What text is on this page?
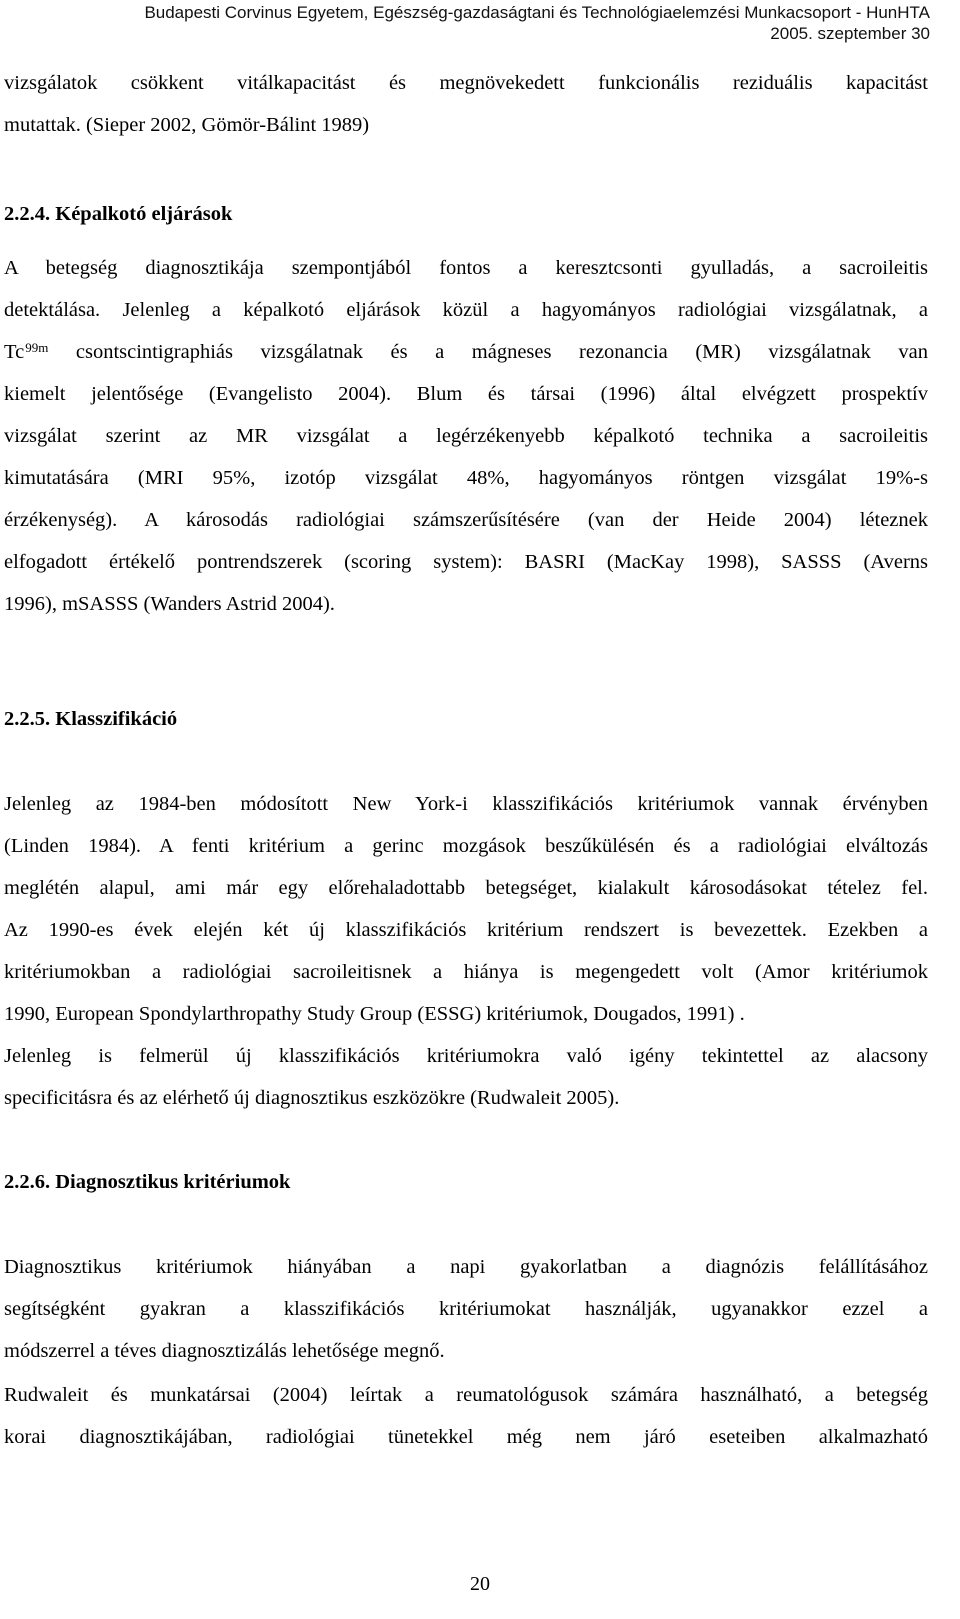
Budapesti Corvinus Egyetem, Egészség-gazdaságtani és Technológiaelemzési Munkacsoport - HunHTA
2005. szeptember 30
vizsgálatok csökkent vitálkapacitást és megnövekedett funkcionális reziduális kapacitást
mutattak. (Sieper 2002, Gömör-Bálint 1989)
2.2.4. Képalkotó eljárások
A betegség diagnosztikája szempontjából fontos a keresztcsonti gyulladás, a sacroileitis
detektálása. Jelenleg a képalkotó eljárások közül a hagyományos radiológiai vizsgálatnak, a
$Tc^{99m}$ csontscintigraphiás vizsgálatnak és a mágneses rezonancia (MR) vizsgálatnak van
kiemelt jelentősége (Evangelisto 2004). Blum és társai (1996) által elvégzett prospektív
vizsgálat szerint az MR vizsgálat a legérzékenyebb képalkotó technika a sacroileitis
kimutatására (MRI 95%, izotóp vizsgálat 48%, hagyományos röntgen vizsgálat 19%-s
érzékenység). A károsodás radiológiai számszerűsítésére (van der Heide 2004) léteznek
elfogadott értékelő pontrendszerek (scoring system): BASRI (MacKay 1998), SASSS (Averns
1996), mSASSS (Wanders Astrid 2004).
2.2.5. Klasszifikáció
Jelenleg az 1984-ben módosított New York-i klasszifikációs kritériumok vannak érvényben
(Linden 1984). A fenti kritérium a gerinc mozgások beszűkülésén és a radiológiai elváltozás
meglétén alapul, ami már egy előrehaladottabb betegséget, kialakult károsodásokat tételez fel.
Az 1990-es évek elején két új klasszifikációs kritérium rendszert is bevezettek. Ezekben a
kritériumokban a radiológiai sacroileitisnek a hiánya is megengedett volt (Amor kritériumok
1990, European Spondylarthropathy Study Group (ESSG) kritériumok, Dougados, 1991) .
Jelenleg is felmerül új klasszifikációs kritériumokra való igény tekintettel az alacsony
specificitásra és az elérhető új diagnosztikus eszközökre (Rudwaleit 2005).
2.2.6. Diagnosztikus kritériumok
Diagnosztikus kritériumok hiányában a napi gyakorlatban a diagnózis felállításához
segítségként gyakran a klasszifikációs kritériumokat használják, ugyanakkor ezzel a
módszerrel a téves diagnosztizálás lehetősége megnő.
Rudwaleit és munkatársai (2004) leírtak a reumatológusok számára használható, a betegség
korai diagnosztikájában, radiológiai tünetekkel még nem járó eseteiben alkalmazható
20
